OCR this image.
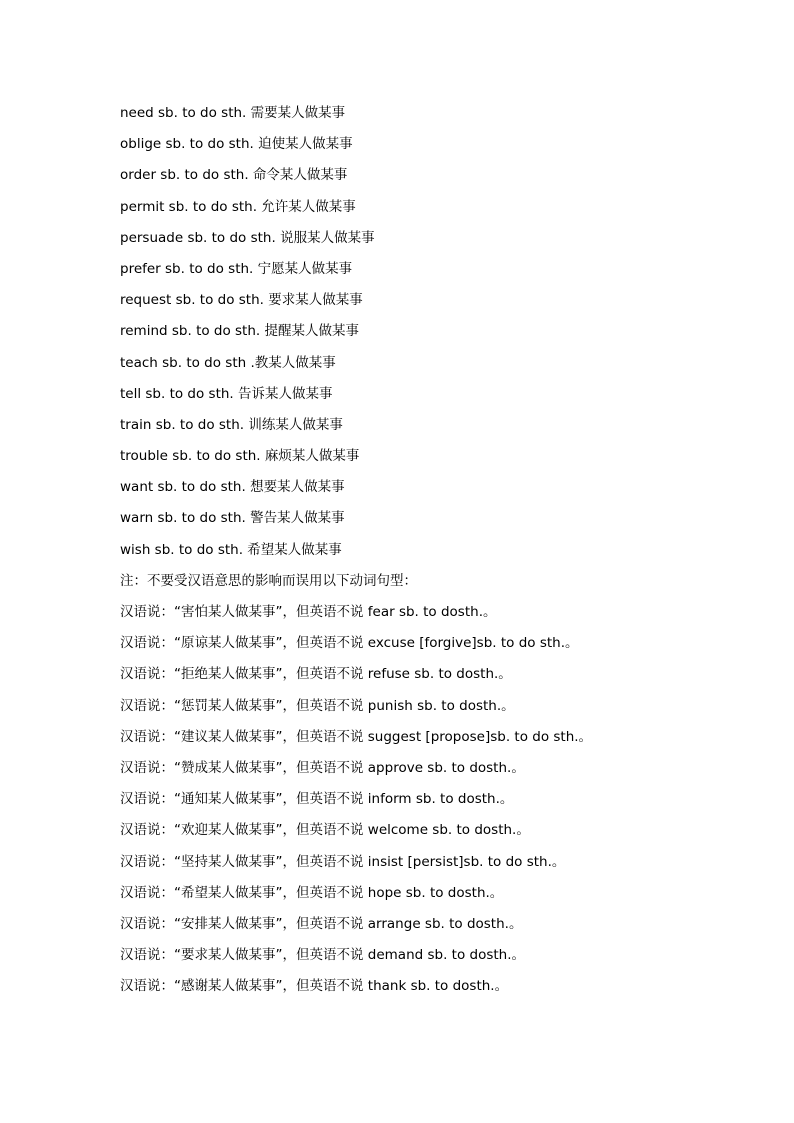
need sb. to do sth. 需要某人做某事
oblige sb. to do sth. 迫使某人做某事
order sb. to do sth. 命令某人做某事
permit sb. to do sth. 允许某人做某事
persuade sb. to do sth. 说服某人做某事
prefer sb. to do sth. 宁愿某人做某事
request sb. to do sth. 要求某人做某事
remind sb. to do sth. 提醒某人做某事
teach sb. to do sth .教某人做某事
tell sb. to do sth. 告诉某人做某事
train sb. to do sth. 训练某人做某事
trouble sb. to do sth. 麻烦某人做某事
want sb. to do sth. 想要某人做某事
warn sb. to do sth. 警告某人做某事
wish sb. to do sth. 希望某人做某事
注：不要受汉语意思的影响而误用以下动词句型：
汉语说：“害怕某人做某事”，但英语不说 fear sb. to dosth.。
汉语说：“原谅某人做某事”，但英语不说 excuse [forgive]sb. to do sth.。
汉语说：“拒绝某人做某事”，但英语不说 refuse sb. to dosth.。
汉语说：“惩罚某人做某事”，但英语不说 punish sb. to dosth.。
汉语说：“建议某人做某事”，但英语不说 suggest [propose]sb. to do sth.。
汉语说：“赞成某人做某事”，但英语不说 approve sb. to dosth.。
汉语说：“通知某人做某事”，但英语不说 inform sb. to dosth.。
汉语说：“欢迎某人做某事”，但英语不说 welcome sb. to dosth.。
汉语说：“坚持某人做某事”，但英语不说 insist [persist]sb. to do sth.。
汉语说：“希望某人做某事”，但英语不说 hope sb. to dosth.。
汉语说：“安排某人做某事”，但英语不说 arrange sb. to dosth.。
汉语说：“要求某人做某事”，但英语不说 demand sb. to dosth.。
汉语说：“感谢某人做某事”，但英语不说 thank sb. to dosth.。
